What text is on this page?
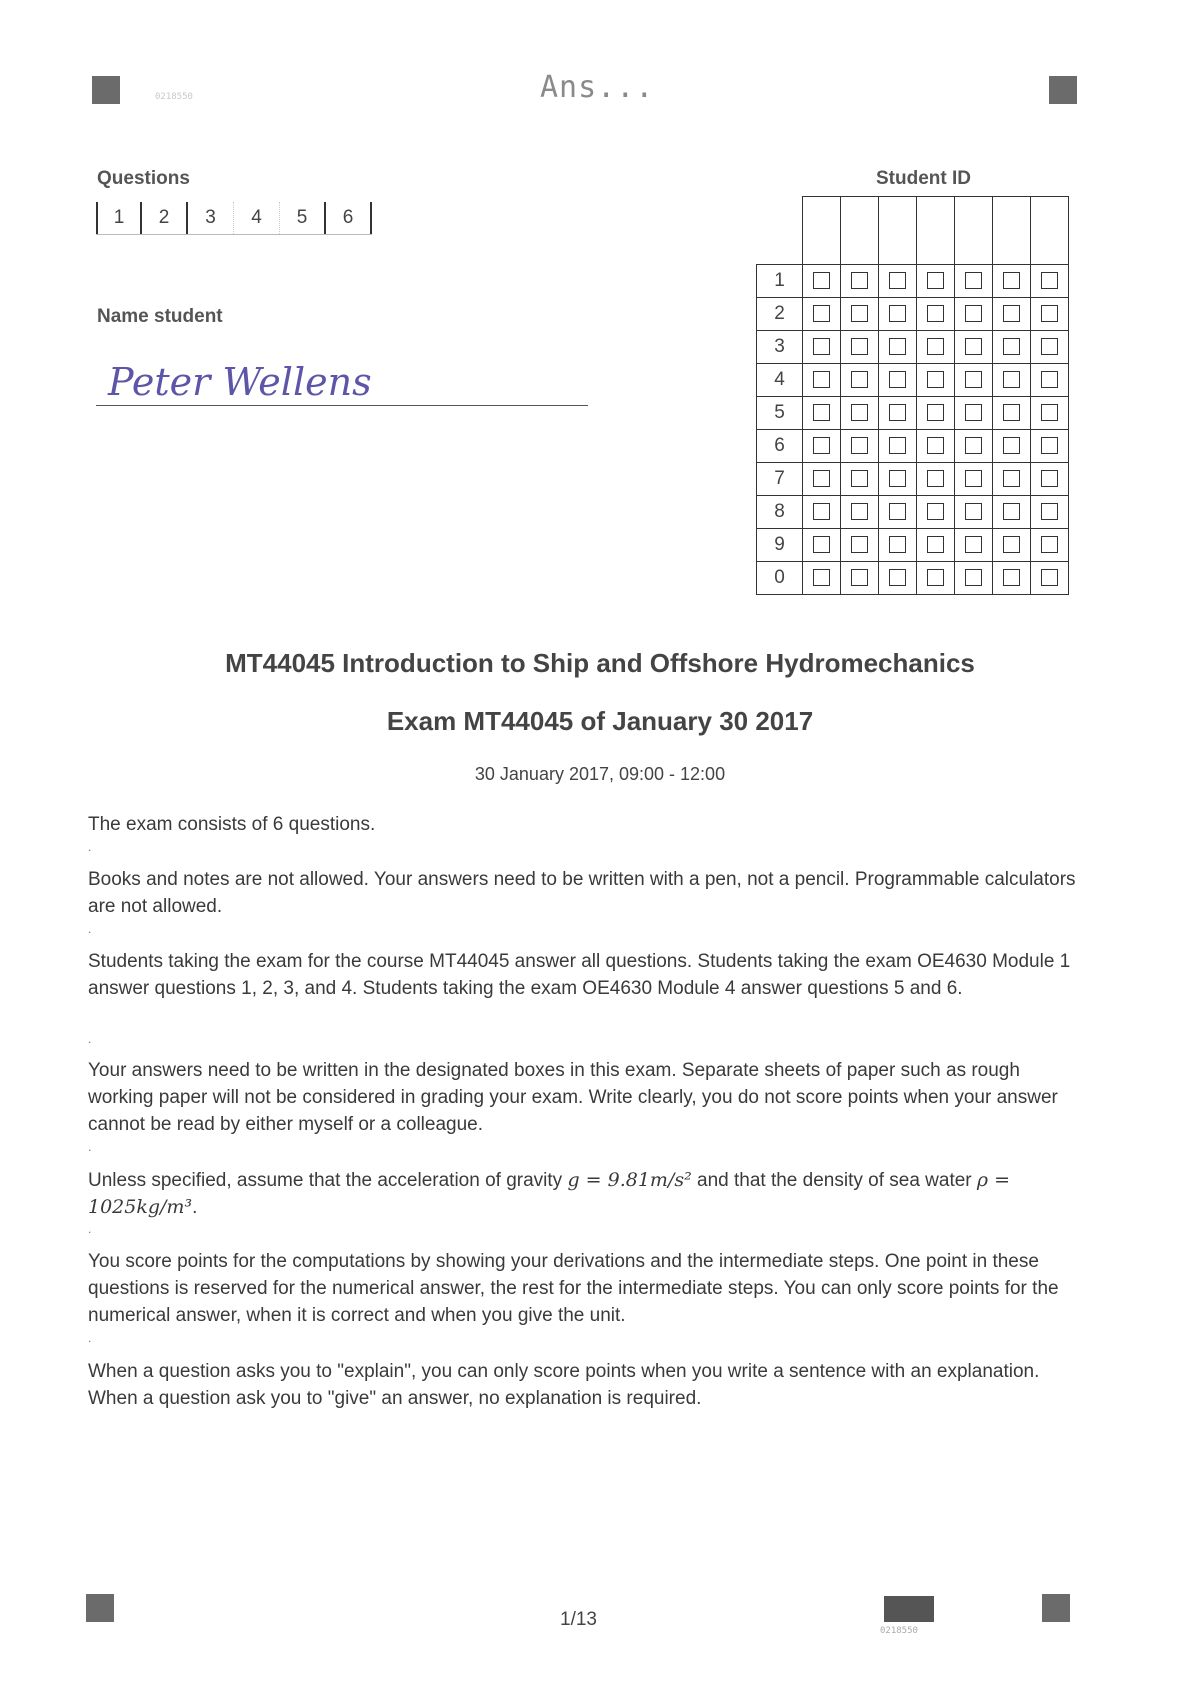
0218550	Ans...
Questions
1	2	3	4	5	6
Name student
Peter Wellens
Student ID

1							
2							
3							
4							
5							
6							
7							
8							
9							
0							
MT44045 Introduction to Ship and Offshore Hydromechanics
Exam MT44045 of January 30 2017
30 January 2017, 09:00 - 12:00
The exam consists of 6 questions.
.
Books and notes are not allowed. Your answers need to be written with a pen, not a pencil. Programmable calculators are not allowed.
.
Students taking the exam for the course MT44045 answer all questions. Students taking the exam OE4630 Module 1 answer questions 1, 2, 3, and 4. Students taking the exam OE4630 Module 4 answer questions 5 and 6.
.
Your answers need to be written in the designated boxes in this exam. Separate sheets of paper such as rough working paper will not be considered in grading your exam. Write clearly, you do not score points when your answer cannot be read by either myself or a colleague.
.
Unless specified, assume that the acceleration of gravity g = 9.81m/s² and that the density of sea water ρ = 1025kg/m³.
.
You score points for the computations by showing your derivations and the intermediate steps. One point in these questions is reserved for the numerical answer, the rest for the intermediate steps. You can only score points for the numerical answer, when it is correct and when you give the unit.
.
When a question asks you to "explain", you can only score points when you write a sentence with an explanation. When a question ask you to "give" an answer, no explanation is required.
1/13
0218550
